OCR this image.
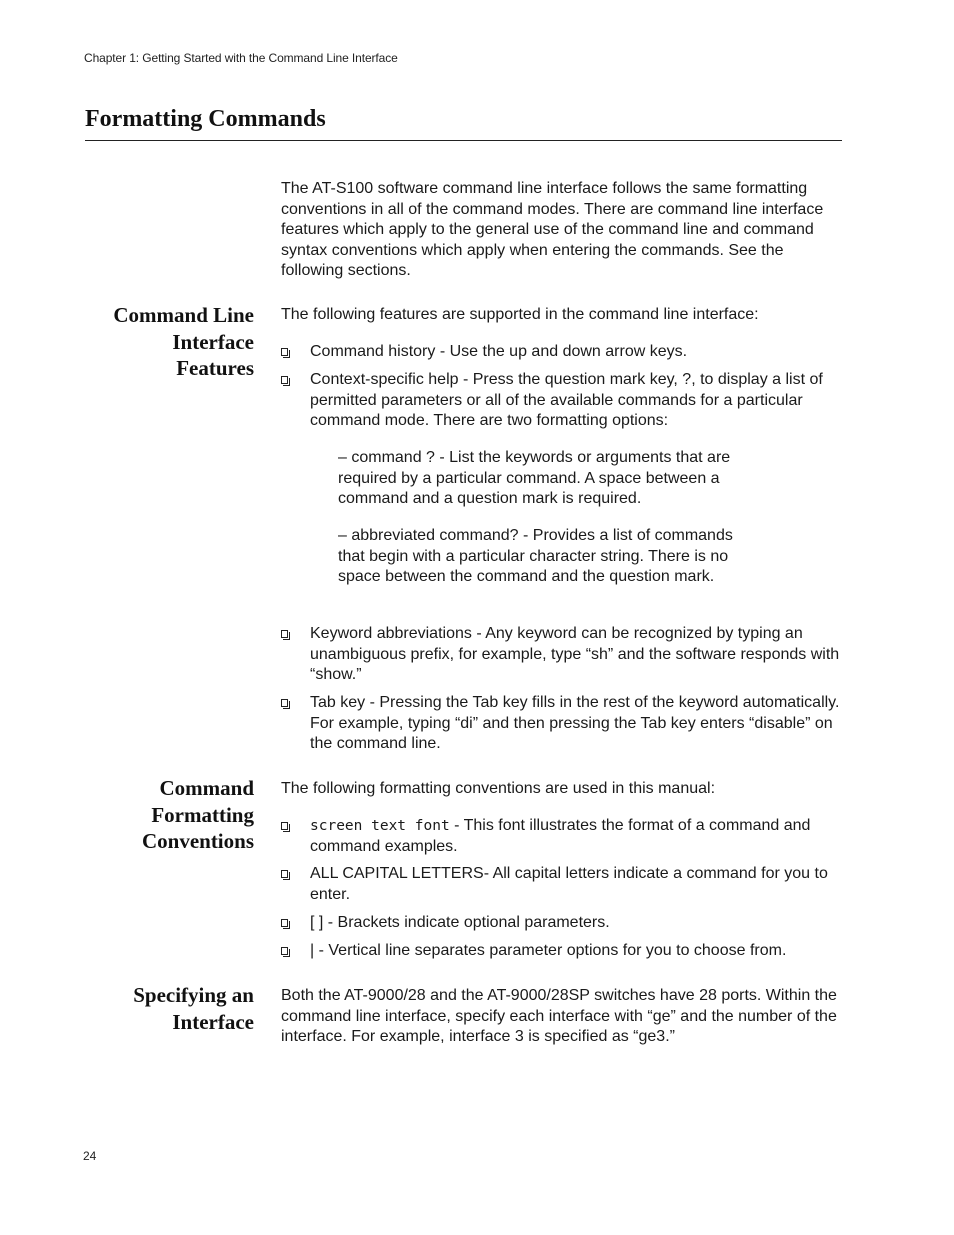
Chapter 1: Getting Started with the Command Line Interface
Formatting Commands
The AT-S100 software command line interface follows the same formatting conventions in all of the command modes. There are command line interface features which apply to the general use of the command line and command syntax conventions which apply when entering the commands. See the following sections.
Command Line
Interface
Features
The following features are supported in the command line interface:
Command history - Use the up and down arrow keys.
Context-specific help - Press the question mark key, ?, to display a list of permitted parameters or all of the available commands for a particular command mode. There are two formatting options:
– command ? - List the keywords or arguments that are required by a particular command. A space between a command and a question mark is required.
– abbreviated command? - Provides a list of commands that begin with a particular character string. There is no space between the command and the question mark.
Keyword abbreviations - Any keyword can be recognized by typing an unambiguous prefix, for example, type “sh” and the software responds with “show.”
Tab key - Pressing the Tab key fills in the rest of the keyword automatically. For example, typing “di” and then pressing the Tab key enters “disable” on the command line.
Command
Formatting
Conventions
The following formatting conventions are used in this manual:
screen text font - This font illustrates the format of a command and command examples.
ALL CAPITAL LETTERS- All capital letters indicate a command for you to enter.
[ ] - Brackets indicate optional parameters.
| - Vertical line separates parameter options for you to choose from.
Specifying an
Interface
Both the AT-9000/28 and the AT-9000/28SP switches have 28 ports. Within the command line interface, specify each interface with “ge” and the number of the interface. For example, interface 3 is specified as “ge3.”
24
